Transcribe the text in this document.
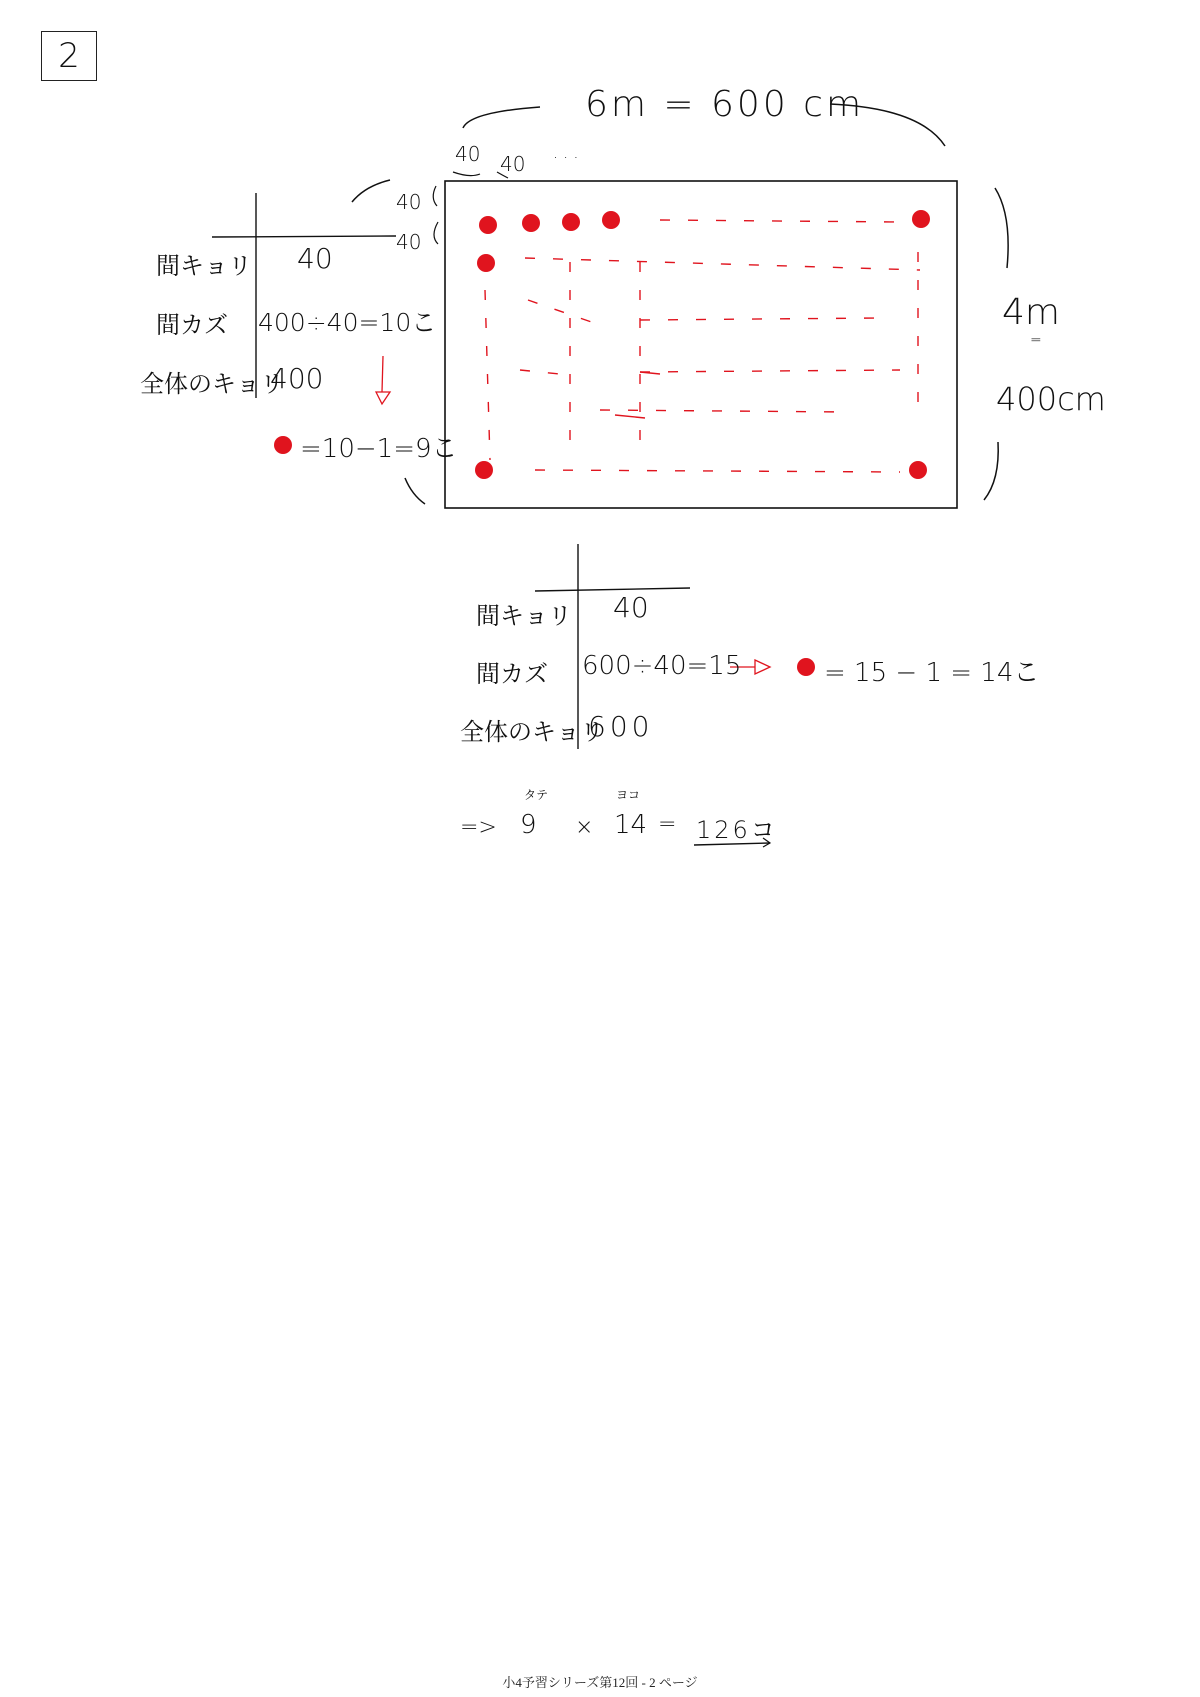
2
6m = 600 cm
4m
=
400cm
40 40 · · ·
40
40
間キョリ 40
間カズ 400÷40=10こ
全体のキョリ
400
=10−1=9こ
間キョリ 40
間カズ 600÷40=15
全体のキョリ
600
= 15 − 1 = 14こ
=>
タテ
9 ×
ヨコ
14 = 126コ
小4予習シリーズ第12回 - 2 ページ
